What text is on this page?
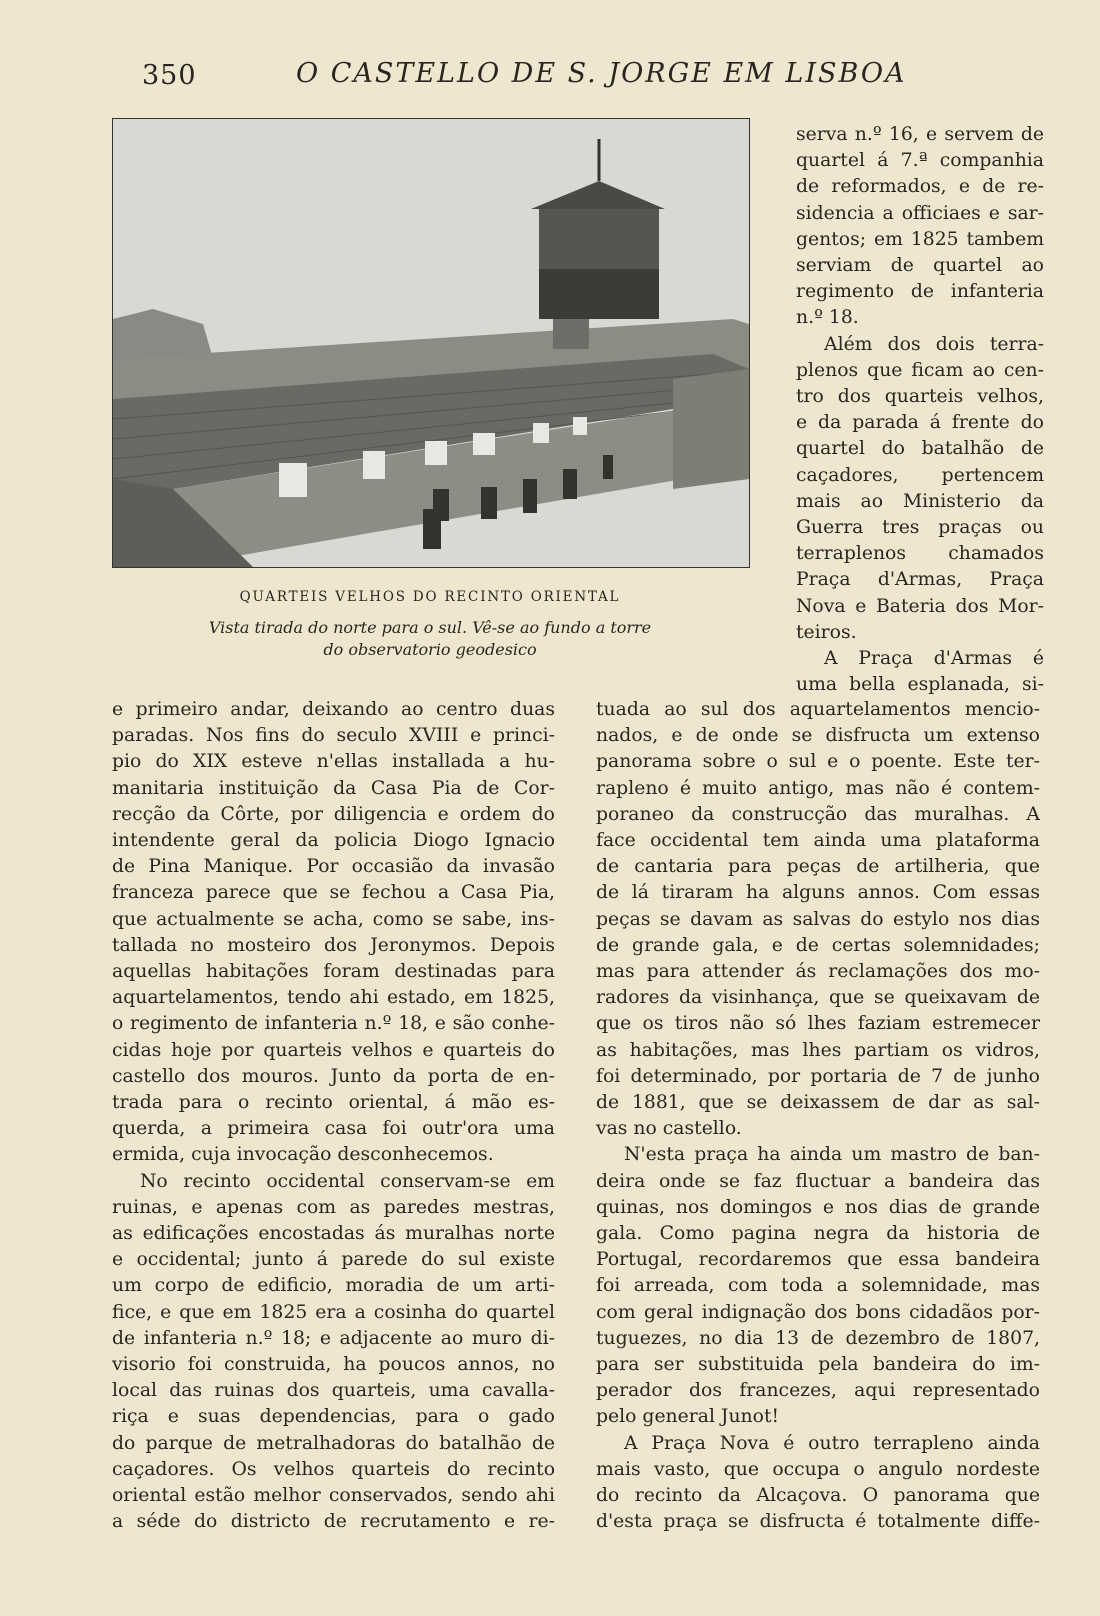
350	O CASTELLO DE S. JORGE EM LISBOA
QUARTEIS VELHOS DO RECINTO ORIENTAL
Vista tirada do norte para o sul. Vê-se ao fundo a torre
do observatorio geodesico
serva n.º 16, e servem de
quartel á 7.ª companhia
de reformados, e de re-
sidencia a officiaes e sar-
gentos; em 1825 tambem
serviam de quartel ao
regimento de infanteria
n.º 18.
Além dos dois terra-
plenos que ficam ao cen-
tro dos quarteis velhos,
e da parada á frente do
quartel do batalhão de
caçadores, pertencem
mais ao Ministerio da
Guerra tres praças ou
terraplenos chamados
Praça d'Armas, Praça
Nova e Bateria dos Mor-
teiros.
A Praça d'Armas é
uma bella esplanada, si-
e primeiro andar, deixando ao centro duas
paradas. Nos fins do seculo XVIII e princi-
pio do XIX esteve n'ellas installada a hu-
manitaria instituição da Casa Pia de Cor-
recção da Côrte, por diligencia e ordem do
intendente geral da policia Diogo Ignacio
de Pina Manique. Por occasião da invasão
franceza parece que se fechou a Casa Pia,
que actualmente se acha, como se sabe, ins-
tallada no mosteiro dos Jeronymos. Depois
aquellas habitações foram destinadas para
aquartelamentos, tendo ahi estado, em 1825,
o regimento de infanteria n.º 18, e são conhe-
cidas hoje por quarteis velhos e quarteis do
castello dos mouros. Junto da porta de en-
trada para o recinto oriental, á mão es-
querda, a primeira casa foi outr'ora uma
ermida, cuja invocação desconhecemos.
No recinto occidental conservam-se em
ruinas, e apenas com as paredes mestras,
as edificações encostadas ás muralhas norte
e occidental; junto á parede do sul existe
um corpo de edificio, moradia de um arti-
fice, e que em 1825 era a cosinha do quartel
de infanteria n.º 18; e adjacente ao muro di-
visorio foi construida, ha poucos annos, no
local das ruinas dos quarteis, uma cavalla-
riça e suas dependencias, para o gado
do parque de metralhadoras do batalhão de
caçadores. Os velhos quarteis do recinto
oriental estão melhor conservados, sendo ahi
a séde do districto de recrutamento e re-
tuada ao sul dos aquartelamentos mencio-
nados, e de onde se disfructa um extenso
panorama sobre o sul e o poente. Este ter-
rapleno é muito antigo, mas não é contem-
poraneo da construcção das muralhas. A
face occidental tem ainda uma plataforma
de cantaria para peças de artilheria, que
de lá tiraram ha alguns annos. Com essas
peças se davam as salvas do estylo nos dias
de grande gala, e de certas solemnidades;
mas para attender ás reclamações dos mo-
radores da visinhança, que se queixavam de
que os tiros não só lhes faziam estremecer
as habitações, mas lhes partiam os vidros,
foi determinado, por portaria de 7 de junho
de 1881, que se deixassem de dar as sal-
vas no castello.
N'esta praça ha ainda um mastro de ban-
deira onde se faz fluctuar a bandeira das
quinas, nos domingos e nos dias de grande
gala. Como pagina negra da historia de
Portugal, recordaremos que essa bandeira
foi arreada, com toda a solemnidade, mas
com geral indignação dos bons cidadãos por-
tuguezes, no dia 13 de dezembro de 1807,
para ser substituida pela bandeira do im-
perador dos francezes, aqui representado
pelo general Junot!
A Praça Nova é outro terrapleno ainda
mais vasto, que occupa o angulo nordeste
do recinto da Alcaçova. O panorama que
d'esta praça se disfructa é totalmente diffe-
